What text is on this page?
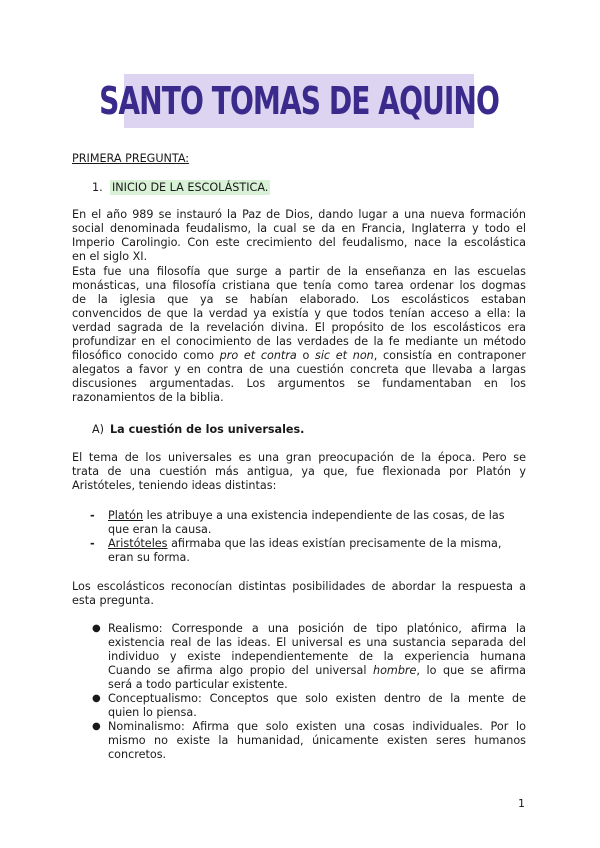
SANTO TOMAS DE AQUINO
PRIMERA PREGUNTA:
1. INICIO DE LA ESCOLÁSTICA.
En el año 989 se instauró la Paz de Dios, dando lugar a una nueva formación
social denominada feudalismo, la cual se da en Francia, Inglaterra y todo el
Imperio Carolingio. Con este crecimiento del feudalismo, nace la escolástica
en el siglo XI.
Esta fue una filosofía que surge a partir de la enseñanza en las escuelas
monásticas, una filosofía cristiana que tenía como tarea ordenar los dogmas
de la iglesia que ya se habían elaborado. Los escolásticos estaban
convencidos de que la verdad ya existía y que todos tenían acceso a ella: la
verdad sagrada de la revelación divina. El propósito de los escolásticos era
profundizar en el conocimiento de las verdades de la fe mediante un método
filosófico conocido como pro et contra o sic et non, consistía en contraponer
alegatos a favor y en contra de una cuestión concreta que llevaba a largas
discusiones argumentadas. Los argumentos se fundamentaban en los
razonamientos de la biblia.
A) La cuestión de los universales.
El tema de los universales es una gran preocupación de la época. Pero se
trata de una cuestión más antigua, ya que, fue flexionada por Platón y
Aristóteles, teniendo ideas distintas:
- Platón les atribuye a una existencia independiente de las cosas, de las
que eran la causa.
- Aristóteles afirmaba que las ideas existían precisamente de la misma,
eran su forma.
Los escolásticos reconocían distintas posibilidades de abordar la respuesta a
esta pregunta.
● Realismo: Corresponde a una posición de tipo platónico, afirma la
existencia real de las ideas. El universal es una sustancia separada del
individuo y existe independientemente de la experiencia humana
Cuando se afirma algo propio del universal hombre, lo que se afirma
será a todo particular existente.
● Conceptualismo: Conceptos que solo existen dentro de la mente de
quien lo piensa.
● Nominalismo: Afirma que solo existen una cosas individuales. Por lo
mismo no existe la humanidad, únicamente existen seres humanos
concretos.
1
